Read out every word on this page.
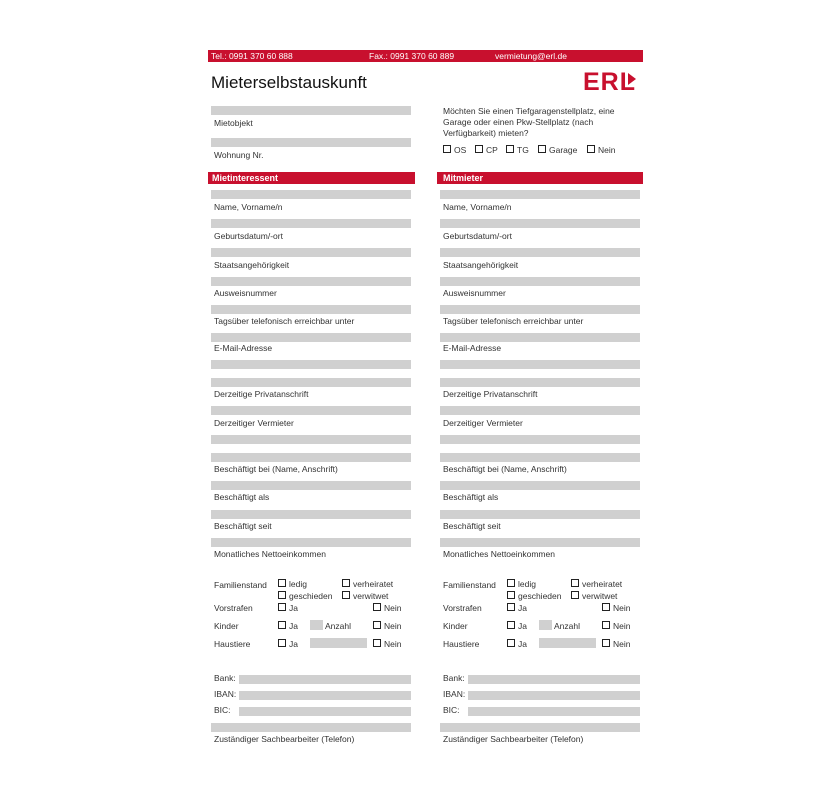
Tel.: 0991 370 60 888	Fax.: 0991 370 60 889	vermietung@erl.de
Mieterselbstauskunft	ERL
Mietobjekt
Wohnung Nr.
Möchten Sie einen Tiefgaragenstellplatz, eine Garage oder einen Pkw-Stellplatz (nach Verfügbarkeit) mieten?
OS	CP	TG	Garage	Nein
Mietinteressent	Mitmieter
Name, Vorname/n
Geburtsdatum/-ort
Staatsangehörigkeit
Ausweisnummer
Tagsüber telefonisch erreichbar unter
E-Mail-Adresse
Derzeitige Privatanschrift
Derzeitiger Vermieter
Beschäftigt bei (Name, Anschrift)
Beschäftigt als
Beschäftigt seit
Monatliches Nettoeinkommen
Familienstand	ledig	verheiratet
geschieden	verwitwet
Vorstrafen	Ja	Nein
Kinder	Ja	Anzahl	Nein
Haustiere	Ja	Nein
Bank:
IBAN:
BIC:
Zuständiger Sachbearbeiter (Telefon)
Name, Vorname/n
Geburtsdatum/-ort
Staatsangehörigkeit
Ausweisnummer
Tagsüber telefonisch erreichbar unter
E-Mail-Adresse
Derzeitige Privatanschrift
Derzeitiger Vermieter
Beschäftigt bei (Name, Anschrift)
Beschäftigt als
Beschäftigt seit
Monatliches Nettoeinkommen
Familienstand	ledig	verheiratet
geschieden	verwitwet
Vorstrafen	Ja	Nein
Kinder	Ja	Anzahl	Nein
Haustiere	Ja	Nein
Bank:
IBAN:
BIC:
Zuständiger Sachbearbeiter (Telefon)
